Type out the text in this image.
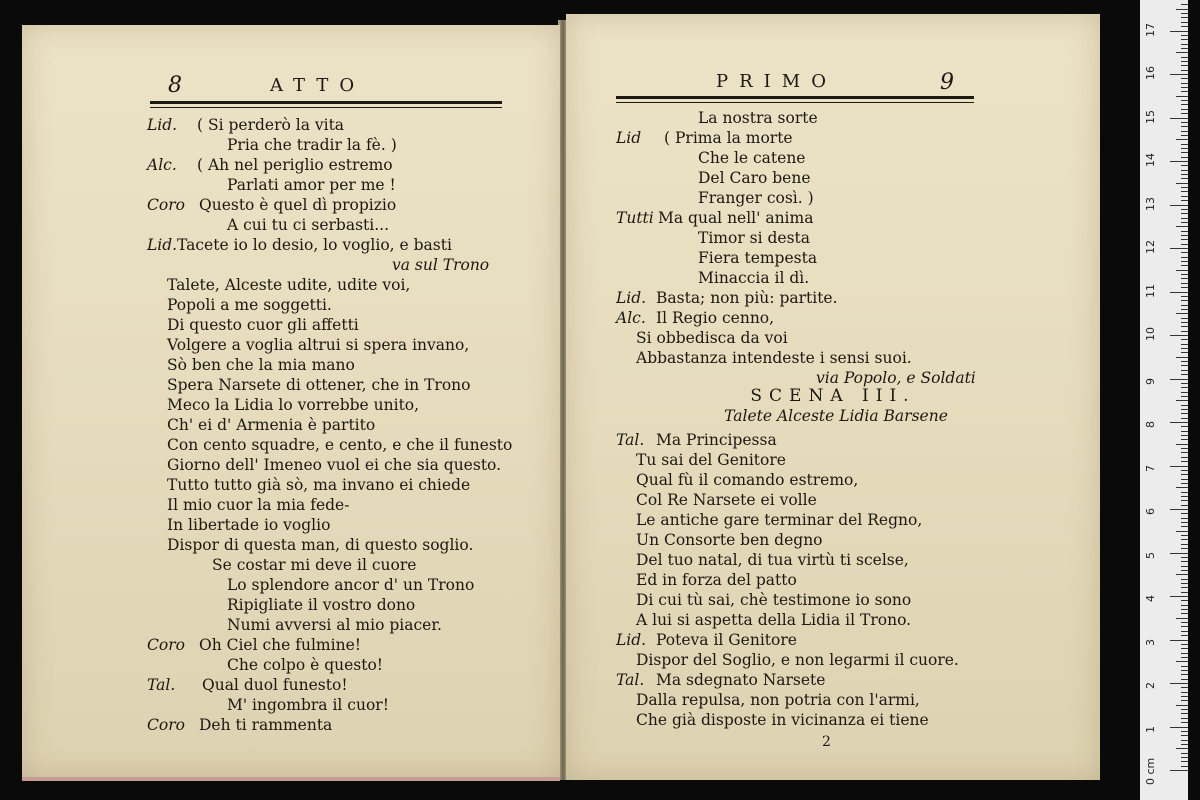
8	ATTO
Lid. ( Si perderò la vita
Pria che tradir la fè. )
Alc. ( Ah nel periglio estremo
Parlati amor per me !
Coro Questo è quel dì propizio
A cui tu ci serbasti...
Lid.Tacete io lo desio, lo voglio, e basti
va sul Trono
Talete, Alceste udite, udite voi,
Popoli a me soggetti.
Di questo cuor gli affetti
Volgere a voglia altrui si spera invano,
Sò ben che la mia mano
Spera Narsete di ottener, che in Trono
Meco la Lidia lo vorrebbe unito,
Ch' ei d' Armenia è partito
Con cento squadre, e cento, e che il funesto
Giorno dell' Imeneo vuol ei che sia questo.
Tutto tutto già sò, ma invano ei chiede
Il mio cuor la mia fede-
In libertade io voglio
Dispor di questa man, di questo soglio.
Se costar mi deve il cuore
Lo splendore ancor d' un Trono
Ripigliate il vostro dono
Numi avversi al mio piacer.
Coro Oh Ciel che fulmine!
Che colpo è questo!
Tal. Qual duol funesto!
M' ingombra il cuor!
Coro Deh ti rammenta
PRIMO	9
La nostra sorte
Lid ( Prima la morte
Che le catene
Del Caro bene
Franger così. )
Tutti Ma qual nell' anima
Timor si desta
Fiera tempesta
Minaccia il dì.
Lid. Basta; non più: partite.
Alc. Il Regio cenno,
Si obbedisca da voi
Abbastanza intendeste i sensi suoi.
via Popolo, e Soldati
Tal. Ma Principessa
Tu sai del Genitore
Qual fù il comando estremo,
Col Re Narsete ei volle
Le antiche gare terminar del Regno,
Un Consorte ben degno
Del tuo natal, di tua virtù ti scelse,
Ed in forza del patto
Di cui tù sai, chè testimone io sono
A lui si aspetta della Lidia il Trono.
Lid. Poteva il Genitore
Dispor del Soglio, e non legarmi il cuore.
Tal. Ma sdegnato Narsete
Dalla repulsa, non potria con l'armi,
Che già disposte in vicinanza ei tiene
SCENA III.
Talete Alceste Lidia Barsene
2
0 cm
1
2
3
4
5
6
7
8
9
10
11
12
13
14
15
16
17
